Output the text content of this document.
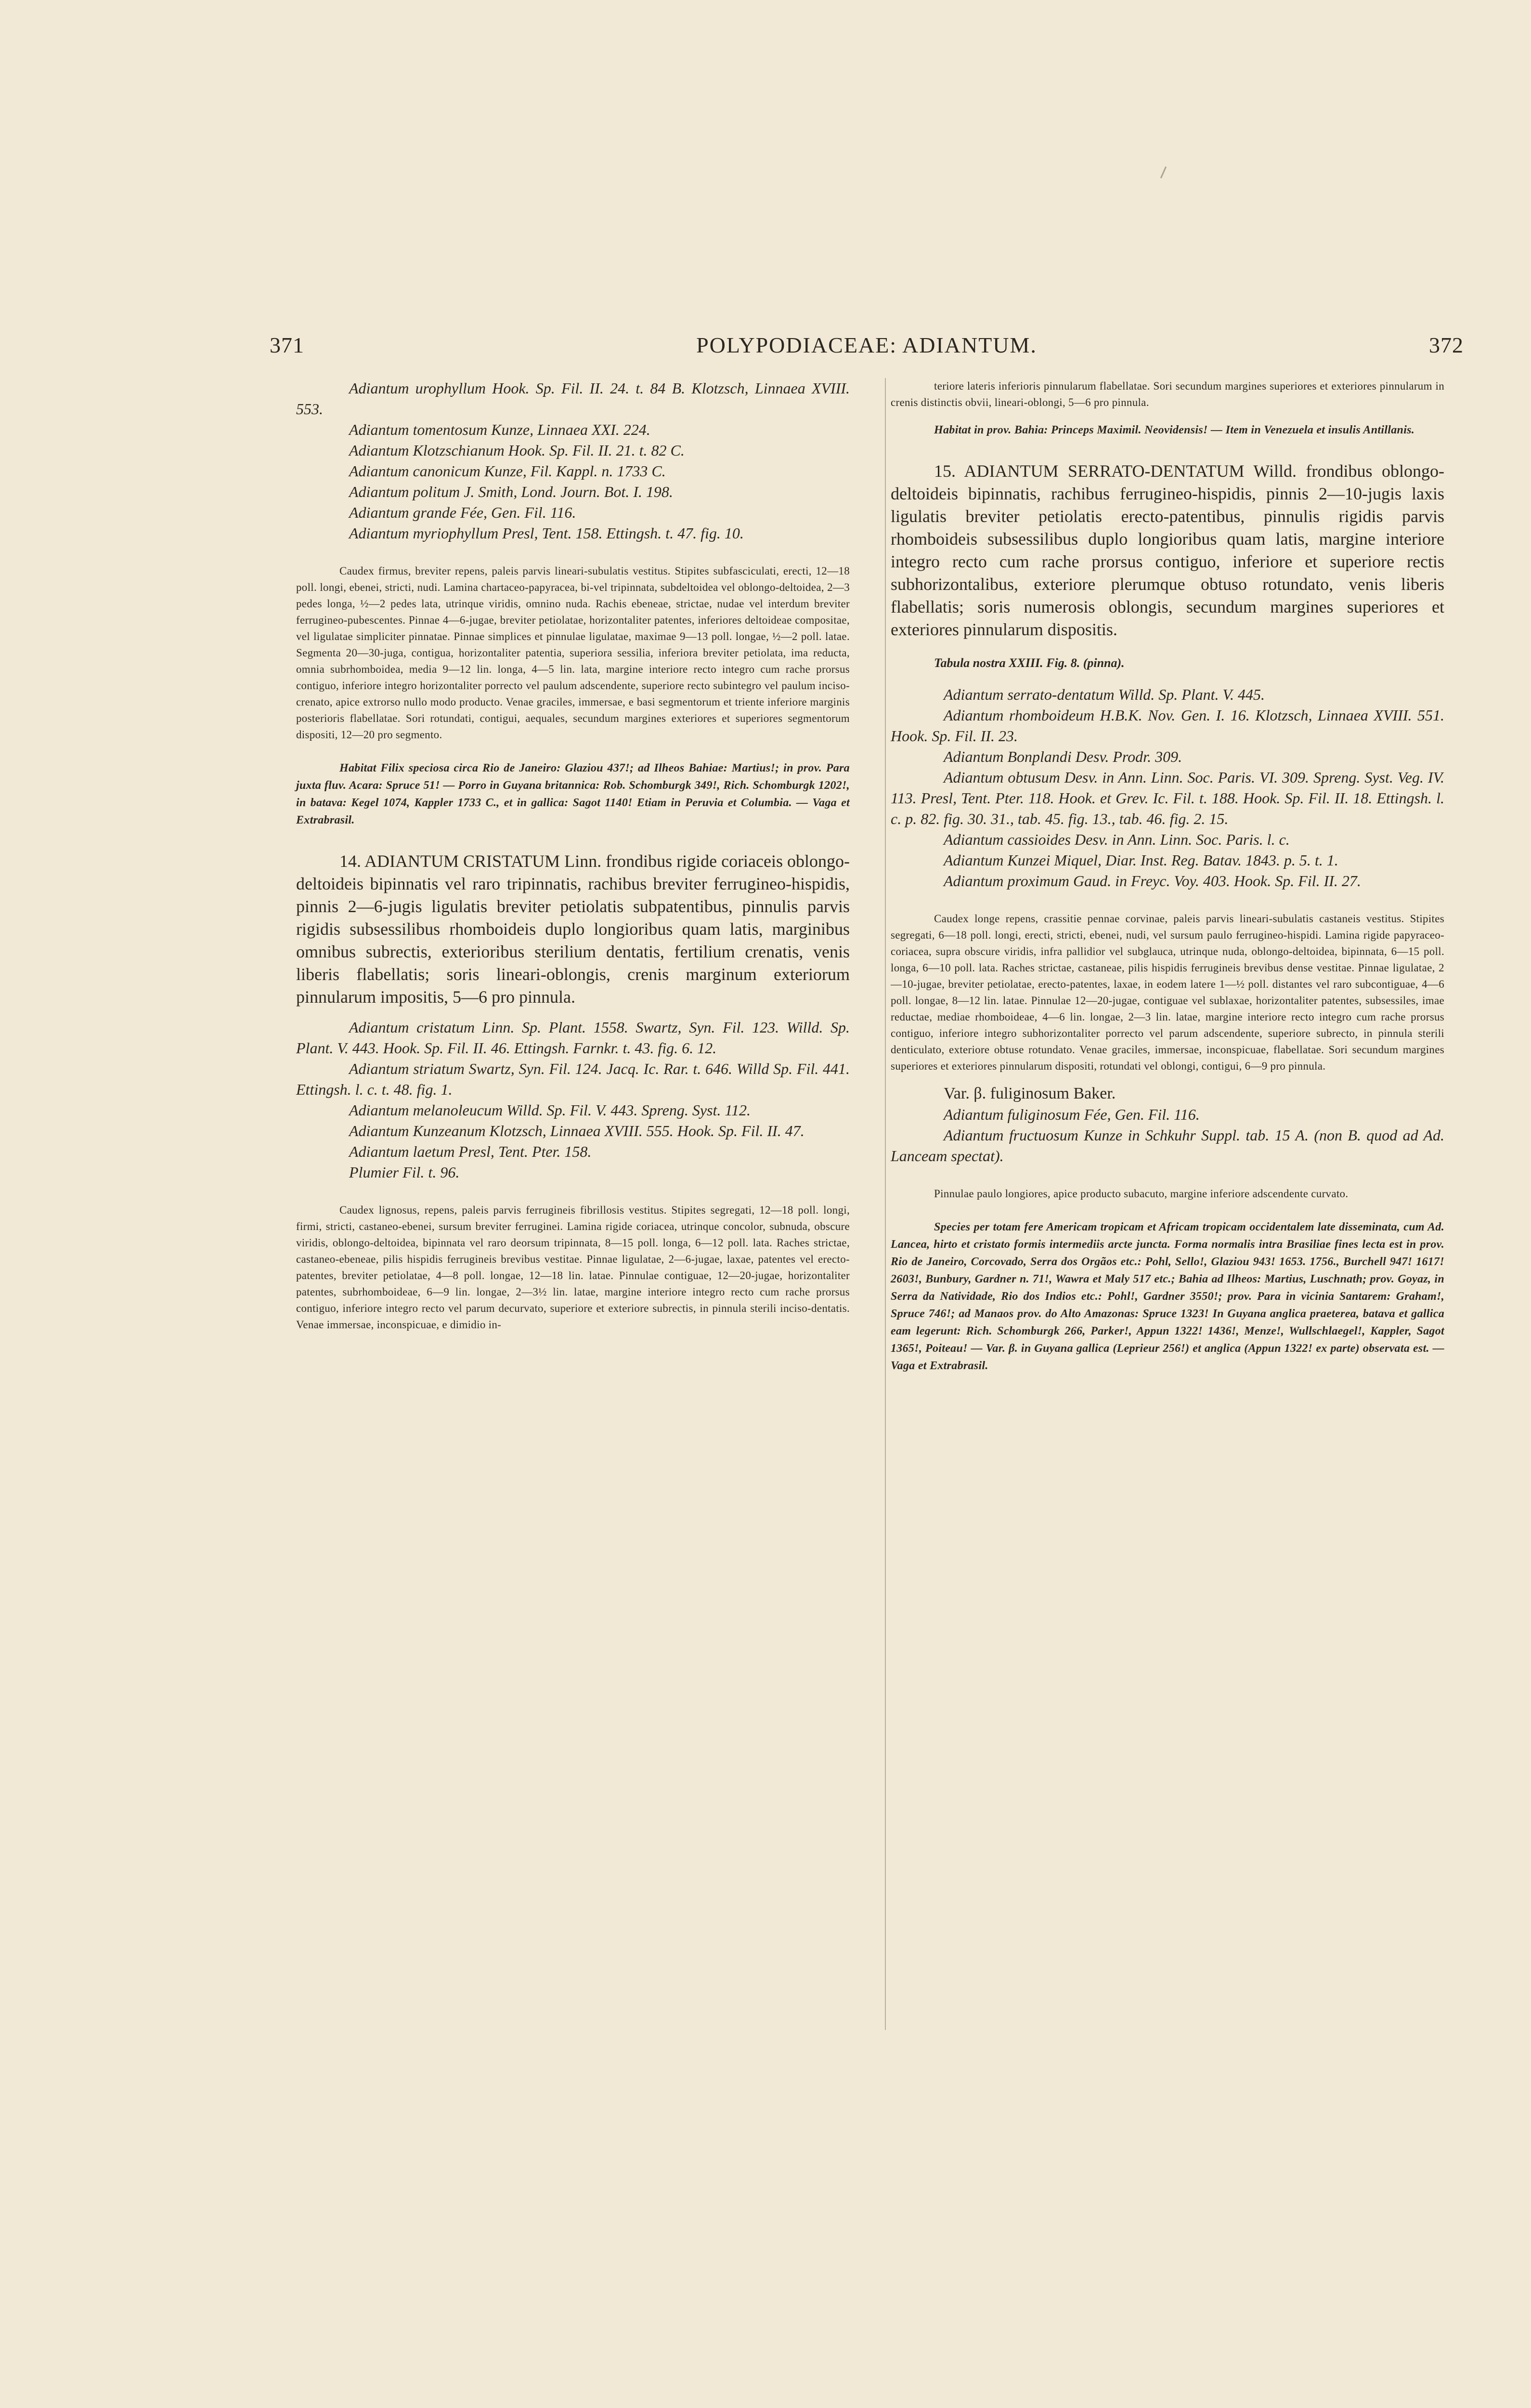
371	POLYPODIACEAE: ADIANTUM.	372

Adiantum urophyllum Hook. Sp. Fil. II. 24. t. 84 B. Klotzsch, Linnaea XVIII. 553.

Adiantum tomentosum Kunze, Linnaea XXI. 224.

Adiantum Klotzschianum Hook. Sp. Fil. II. 21. t. 82 C.

Adiantum canonicum Kunze, Fil. Kappl. n. 1733 C.

Adiantum politum J. Smith, Lond. Journ. Bot. I. 198.

Adiantum grande Fée, Gen. Fil. 116.

Adiantum myriophyllum Presl, Tent. 158. Ettingsh. t. 47. fig. 10.

Caudex firmus, breviter repens, paleis parvis lineari-subulatis vestitus. Stipites subfasciculati, erecti, 12—18 poll. longi, ebenei, stricti, nudi. Lamina chartaceo-papyracea, bi-vel tripinnata, subdeltoidea vel oblongo-deltoidea, 2—3 pedes longa, ½—2 pedes lata, utrinque viridis, omnino nuda. Rachis ebeneae, strictae, nudae vel interdum breviter ferrugineo-pubescentes. Pinnae 4—6-jugae, breviter petiolatae, horizontaliter patentes, inferiores deltoideae compositae, vel ligulatae simpliciter pinnatae. Pinnae simplices et pinnulae ligulatae, maximae 9—13 poll. longae, ½—2 poll. latae. Segmenta 20—30-juga, contigua, horizontaliter patentia, superiora sessilia, inferiora breviter petiolata, ima reducta, omnia subrhomboidea, media 9—12 lin. longa, 4—5 lin. lata, margine interiore recto integro cum rache prorsus contiguo, inferiore integro horizontaliter porrecto vel paulum adscendente, superiore recto subintegro vel paulum inciso-crenato, apice extrorso nullo modo producto. Venae graciles, immersae, e basi segmentorum et triente inferiore marginis posterioris flabellatae. Sori rotundati, contigui, aequales, secundum margines exteriores et superiores segmentorum dispositi, 12—20 pro segmento.

Habitat Filix speciosa circa Rio de Janeiro: Glaziou 437!; ad Ilheos Bahiae: Martius!; in prov. Para juxta fluv. Acara: Spruce 51! — Porro in Guyana britannica: Rob. Schomburgk 349!, Rich. Schomburgk 1202!, in batava: Kegel 1074, Kappler 1733 C., et in gallica: Sagot 1140! Etiam in Peruvia et Columbia. — Vaga et Extrabrasil.

14. ADIANTUM CRISTATUM Linn. frondibus rigide coriaceis oblongo-deltoideis bipinnatis vel raro tripinnatis, rachibus breviter ferrugineo-hispidis, pinnis 2—6-jugis ligulatis breviter petiolatis subpatentibus, pinnulis parvis rigidis subsessilibus rhomboideis duplo longioribus quam latis, marginibus omnibus subrectis, exterioribus sterilium dentatis, fertilium crenatis, venis liberis flabellatis; soris lineari-oblongis, crenis marginum exteriorum pinnularum impositis, 5—6 pro pinnula.

Adiantum cristatum Linn. Sp. Plant. 1558. Swartz, Syn. Fil. 123. Willd. Sp. Plant. V. 443. Hook. Sp. Fil. II. 46. Ettingsh. Farnkr. t. 43. fig. 6. 12.

Adiantum striatum Swartz, Syn. Fil. 124. Jacq. Ic. Rar. t. 646. Willd Sp. Fil. 441. Ettingsh. l. c. t. 48. fig. 1.

Adiantum melanoleucum Willd. Sp. Fil. V. 443. Spreng. Syst. 112.

Adiantum Kunzeanum Klotzsch, Linnaea XVIII. 555. Hook. Sp. Fil. II. 47.

Adiantum laetum Presl, Tent. Pter. 158.

Plumier Fil. t. 96.

Caudex lignosus, repens, paleis parvis ferrugineis fibrillosis vestitus. Stipites segregati, 12—18 poll. longi, firmi, stricti, castaneo-ebenei, sursum breviter ferruginei. Lamina rigide coriacea, utrinque concolor, subnuda, obscure viridis, oblongo-deltoidea, bipinnata vel raro deorsum tripinnata, 8—15 poll. longa, 6—12 poll. lata. Raches strictae, castaneo-ebeneae, pilis hispidis ferrugineis brevibus vestitae. Pinnae ligulatae, 2—6-jugae, laxae, patentes vel erecto-patentes, breviter petiolatae, 4—8 poll. longae, 12—18 lin. latae. Pinnulae contiguae, 12—20-jugae, horizontaliter patentes, subrhomboideae, 6—9 lin. longae, 2—3½ lin. latae, margine interiore integro recto cum rache prorsus contiguo, inferiore integro recto vel parum decurvato, superiore et exteriore subrectis, in pinnula sterili inciso-dentatis. Venae immersae, inconspicuae, e dimidio in-

teriore lateris inferioris pinnularum flabellatae. Sori secundum margines superiores et exteriores pinnularum in crenis distinctis obvii, lineari-oblongi, 5—6 pro pinnula.

Habitat in prov. Bahia: Princeps Maximil. Neovidensis! — Item in Venezuela et insulis Antillanis.

15. ADIANTUM SERRATO-DENTATUM Willd. frondibus oblongo-deltoideis bipinnatis, rachibus ferrugineo-hispidis, pinnis 2—10-jugis laxis ligulatis breviter petiolatis erecto-patentibus, pinnulis rigidis parvis rhomboideis subsessilibus duplo longioribus quam latis, margine interiore integro recto cum rache prorsus contiguo, inferiore et superiore rectis subhorizontalibus, exteriore plerumque obtuso rotundato, venis liberis flabellatis; soris numerosis oblongis, secundum margines superiores et exteriores pinnularum dispositis.

Tabula nostra XXIII. Fig. 8. (pinna).

Adiantum serrato-dentatum Willd. Sp. Plant. V. 445.

Adiantum rhomboideum H.B.K. Nov. Gen. I. 16. Klotzsch, Linnaea XVIII. 551. Hook. Sp. Fil. II. 23.

Adiantum Bonplandi Desv. Prodr. 309.

Adiantum obtusum Desv. in Ann. Linn. Soc. Paris. VI. 309. Spreng. Syst. Veg. IV. 113. Presl, Tent. Pter. 118. Hook. et Grev. Ic. Fil. t. 188. Hook. Sp. Fil. II. 18. Ettingsh. l. c. p. 82. fig. 30. 31., tab. 45. fig. 13., tab. 46. fig. 2. 15.

Adiantum cassioides Desv. in Ann. Linn. Soc. Paris. l. c.

Adiantum Kunzei Miquel, Diar. Inst. Reg. Batav. 1843. p. 5. t. 1.

Adiantum proximum Gaud. in Freyc. Voy. 403. Hook. Sp. Fil. II. 27.

Caudex longe repens, crassitie pennae corvinae, paleis parvis lineari-subulatis castaneis vestitus. Stipites segregati, 6—18 poll. longi, erecti, stricti, ebenei, nudi, vel sursum paulo ferrugineo-hispidi. Lamina rigide papyraceo-coriacea, supra obscure viridis, infra pallidior vel subglauca, utrinque nuda, oblongo-deltoidea, bipinnata, 6—15 poll. longa, 6—10 poll. lata. Raches strictae, castaneae, pilis hispidis ferrugineis brevibus dense vestitae. Pinnae ligulatae, 2—10-jugae, breviter petiolatae, erecto-patentes, laxae, in eodem latere 1—½ poll. distantes vel raro subcontiguae, 4—6 poll. longae, 8—12 lin. latae. Pinnulae 12—20-jugae, contiguae vel sublaxae, horizontaliter patentes, subsessiles, imae reductae, mediae rhomboideae, 4—6 lin. longae, 2—3 lin. latae, margine interiore recto integro cum rache prorsus contiguo, inferiore integro subhorizontaliter porrecto vel parum adscendente, superiore subrecto, in pinnula sterili denticulato, exteriore obtuse rotundato. Venae graciles, immersae, inconspicuae, flabellatae. Sori secundum margines superiores et exteriores pinnularum dispositi, rotundati vel oblongi, contigui, 6—9 pro pinnula.

Var. β. fuliginosum Baker.

Adiantum fuliginosum Fée, Gen. Fil. 116.

Adiantum fructuosum Kunze in Schkuhr Suppl. tab. 15 A. (non B. quod ad Ad. Lanceam spectat).

Pinnulae paulo longiores, apice producto subacuto, margine inferiore adscendente curvato.

Species per totam fere Americam tropicam et Africam tropicam occidentalem late disseminata, cum Ad. Lancea, hirto et cristato formis intermediis arcte juncta. Forma normalis intra Brasiliae fines lecta est in prov. Rio de Janeiro, Corcovado, Serra dos Orgãos etc.: Pohl, Sello!, Glaziou 943! 1653. 1756., Burchell 947! 1617! 2603!, Bunbury, Gardner n. 71!, Wawra et Maly 517 etc.; Bahia ad Ilheos: Martius, Luschnath; prov. Goyaz, in Serra da Natividade, Rio dos Indios etc.: Pohl!, Gardner 3550!; prov. Para in vicinia Santarem: Graham!, Spruce 746!; ad Manaos prov. do Alto Amazonas: Spruce 1323! In Guyana anglica praeterea, batava et gallica eam legerunt: Rich. Schomburgk 266, Parker!, Appun 1322! 1436!, Menze!, Wullschlaegel!, Kappler, Sagot 1365!, Poiteau! — Var. β. in Guyana gallica (Leprieur 256!) et anglica (Appun 1322! ex parte) observata est. — Vaga et Extrabrasil.
